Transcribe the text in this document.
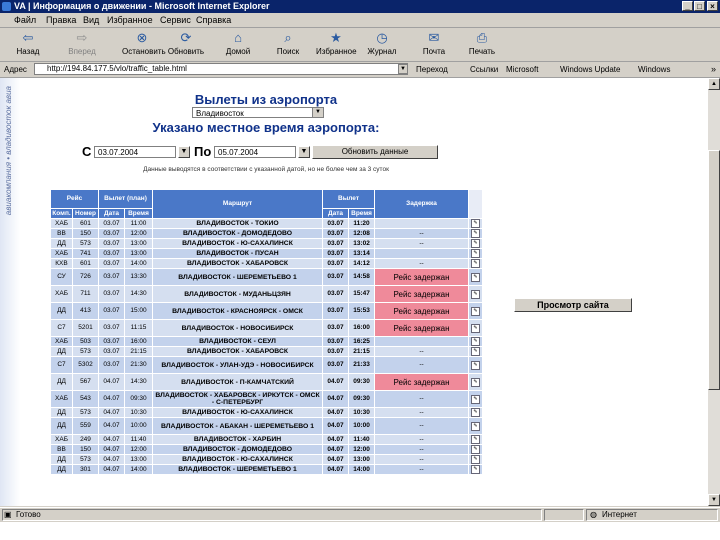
VA | Информация о движении - Microsoft Internet Explorer	_ □	×
Файл Правка Вид Избранное Сервис Справка
⇦
Назад
⇨
Вперед
⊗
Остановить
⟳
Обновить
⌂
Домой
⌕
Поиск
★
Избранное
◷
Журнал
✉
Почта
⎙
Печать
Адрес	http://194.84.177.5/vlo/traffic_table.html	▼ Переход	Ссылки Microsoft	Windows Update Windows	»
авиакомпания • владивосток авиа	Вылеты из аэропорта
Владивосток	▼
Указано местное время аэропорта:
С 03.07.2004	▼ По 05.07.2004	▼	Обновить данные
Данные выводятся в соответствии с указанной датой, но не более чем за 3 суток
Рейс		Вылет (план)		Маршрут	Вылет		Задержка	
Комп.	Номер	Дата	Время		Дата	Время		
ХАБ	601	03.07	11:00	ВЛАДИВОСТОК - ТОКИО	03.07	11:20		✎
ВВ	150	03.07	12:00	ВЛАДИВОСТОК - ДОМОДЕДОВО	03.07	12:08	--	✎
ДД	573	03.07	13:00	ВЛАДИВОСТОК - Ю-САХАЛИНСК	03.07	13:02	--	✎
ХАБ	741	03.07	13:00	ВЛАДИВОСТОК - ПУСАН	03.07	13:14		✎
КХВ	601	03.07	14:00	ВЛАДИВОСТОК - ХАБАРОВСК	03.07	14:12	--	✎
СУ	726	03.07	13:30	ВЛАДИВОСТОК - ШЕРЕМЕТЬЕВО 1	03.07	14:58	Рейс задержан	✎
ХАБ	711	03.07	14:30	ВЛАДИВОСТОК - МУДАНЬЦЗЯН	03.07	15:47	Рейс задержан	✎
ДД	413	03.07	15:00	ВЛАДИВОСТОК - КРАСНОЯРСК - ОМСК	03.07	15:53	Рейс задержан	✎
С7	5201	03.07	11:15	ВЛАДИВОСТОК - НОВОСИБИРСК	03.07	16:00	Рейс задержан	✎
ХАБ	503	03.07	16:00	ВЛАДИВОСТОК - СЕУЛ	03.07	16:25		✎
ДД	573	03.07	21:15	ВЛАДИВОСТОК - ХАБАРОВСК	03.07	21:15	--	✎
С7	5302	03.07	21:30	ВЛАДИВОСТОК - УЛАН-УДЭ - НОВОСИБИРСК	03.07	21:33	--	✎
ДД	567	04.07	14:30	ВЛАДИВОСТОК - П-КАМЧАТСКИЙ	04.07	09:30	Рейс задержан	✎
ХАБ	543	04.07	09:30	ВЛАДИВОСТОК - ХАБАРОВСК - ИРКУТСК - ОМСК - С-ПЕТЕРБУРГ	04.07	09:30	--	✎
ДД	573	04.07	10:30	ВЛАДИВОСТОК - Ю-САХАЛИНСК	04.07	10:30	--	✎
ДД	559	04.07	10:00	ВЛАДИВОСТОК - АБАКАН - ШЕРЕМЕТЬЕВО 1	04.07	10:00	--	✎
ХАБ	249	04.07	11:40	ВЛАДИВОСТОК - ХАРБИН	04.07	11:40	--	✎
ВВ	150	04.07	12:00	ВЛАДИВОСТОК - ДОМОДЕДОВО	04.07	12:00	--	✎
ДД	573	04.07	13:00	ВЛАДИВОСТОК - Ю-САХАЛИНСК	04.07	13:00	--	✎
ДД	301	04.07	14:00	ВЛАДИВОСТОК - ШЕРЕМЕТЬЕВО 1	04.07	14:00	--	✎
Просмотр сайта
▲
▼
▣ Готово	◍ Интернет
